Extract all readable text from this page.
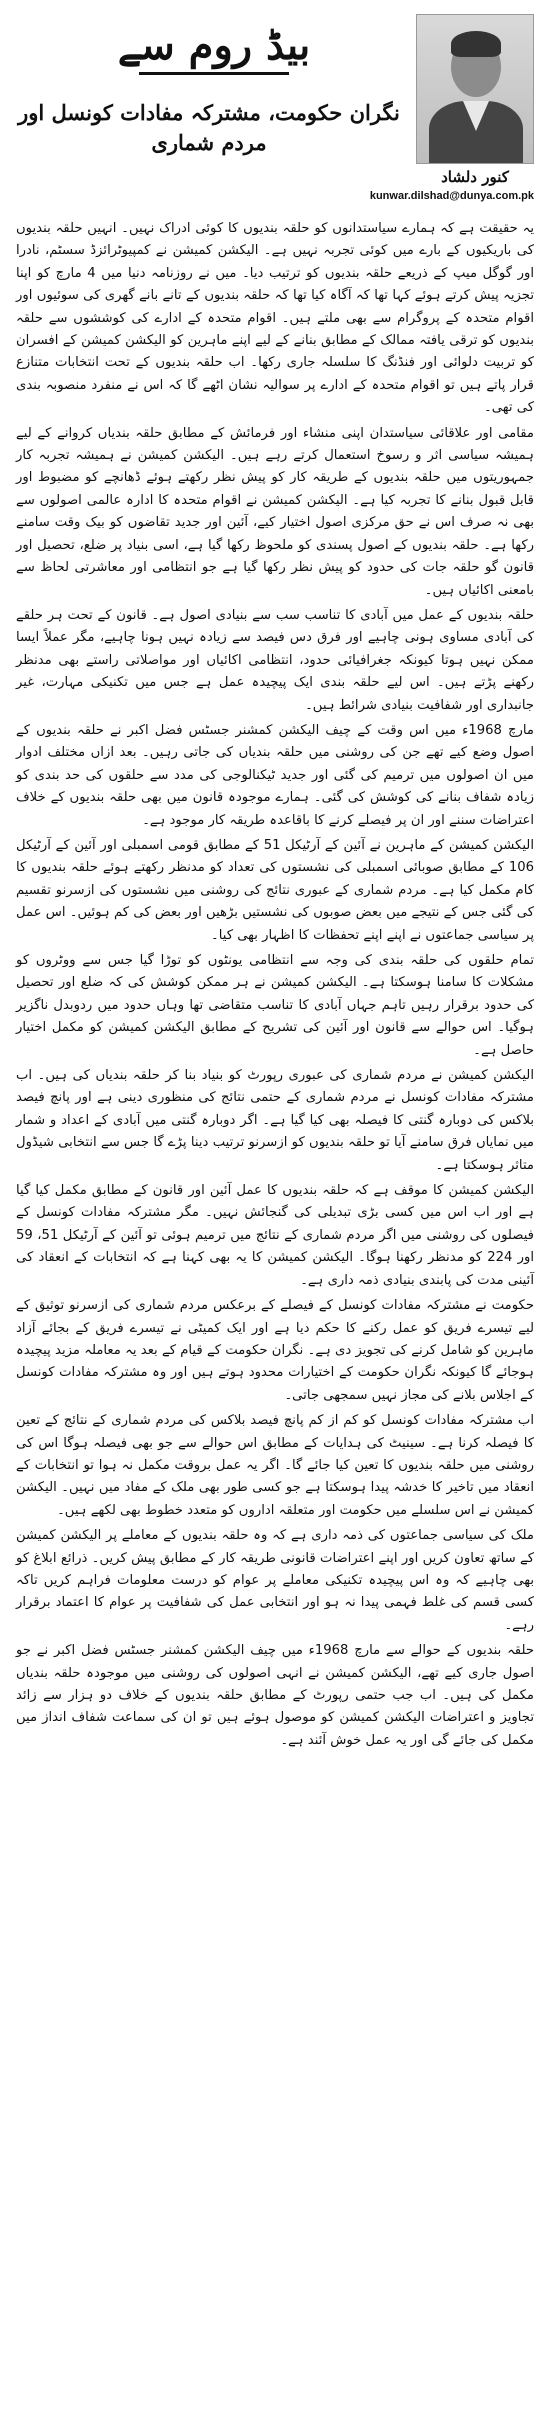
بیڈ روم سے
نگران حکومت، مشترکہ مفادات کونسل اور مردم شماری
کنور دلشاد
kunwar.dilshad@dunya.com.pk

یہ حقیقت ہے کہ ہمارے سیاستدانوں کو حلقہ بندیوں کا کوئی ادراک نہیں۔ انہیں حلقہ بندیوں کی باریکیوں کے بارے میں کوئی تجربہ نہیں ہے۔ الیکشن کمیشن نے کمپیوٹرائزڈ سسٹم، نادرا اور گوگل میپ کے ذریعے حلقہ بندیوں کو ترتیب دیا۔ میں نے روزنامہ دنیا میں 4 مارچ کو اپنا تجزیہ پیش کرتے ہوئے کہا تھا کہ آگاہ کیا تھا کہ حلقہ بندیوں کے تانے بانے گھری کی سوئیوں اور اقوام متحدہ کے پروگرام سے بھی ملتے ہیں۔ اقوام متحدہ کے ادارے کی کوششوں سے حلقہ بندیوں کو ترقی یافتہ ممالک کے مطابق بنانے کے لیے اپنے ماہرین کو الیکشن کمیشن کے افسران کو تربیت دلوائی اور فنڈنگ کا سلسلہ جاری رکھا۔ اب حلقہ بندیوں کے تحت انتخابات متنازع قرار پاتے ہیں تو اقوام متحدہ کے ادارے پر سوالیہ نشان اٹھے گا کہ اس نے منفرد منصوبہ بندی کی تھی۔

مقامی اور علاقائی سیاستدان اپنی منشاء اور فرمائش کے مطابق حلقہ بندیاں کروانے کے لیے ہمیشہ سیاسی اثر و رسوخ استعمال کرتے رہے ہیں۔ الیکشن کمیشن نے ہمیشہ تجربہ کار جمہوریتوں میں حلقہ بندیوں کے طریقہ کار کو پیش نظر رکھتے ہوئے ڈھانچے کو مضبوط اور قابل قبول بنانے کا تجربہ کیا ہے۔ الیکشن کمیشن نے اقوام متحدہ کا ادارہ عالمی اصولوں سے بھی نہ صرف اس نے حق مرکزی اصول اختیار کیے، آئین اور جدید تقاضوں کو بیک وقت سامنے رکھا ہے۔ حلقہ بندیوں کے اصول پسندی کو ملحوظ رکھا گیا ہے، اسی بنیاد پر ضلع، تحصیل اور قانون گو حلقہ جات کی حدود کو پیش نظر رکھا گیا ہے جو انتظامی اور معاشرتی لحاظ سے بامعنی اکائیاں ہیں۔

حلقہ بندیوں کے عمل میں آبادی کا تناسب سب سے بنیادی اصول ہے۔ قانون کے تحت ہر حلقے کی آبادی مساوی ہونی چاہیے اور فرق دس فیصد سے زیادہ نہیں ہونا چاہیے، مگر عملاً ایسا ممکن نہیں ہوتا کیونکہ جغرافیائی حدود، انتظامی اکائیاں اور مواصلاتی راستے بھی مدنظر رکھنے پڑتے ہیں۔ اس لیے حلقہ بندی ایک پیچیدہ عمل ہے جس میں تکنیکی مہارت، غیر جانبداری اور شفافیت بنیادی شرائط ہیں۔

مارچ 1968ء میں اس وقت کے چیف الیکشن کمشنر جسٹس فضل اکبر نے حلقہ بندیوں کے اصول وضع کیے تھے جن کی روشنی میں حلقہ بندیاں کی جاتی رہیں۔ بعد ازاں مختلف ادوار میں ان اصولوں میں ترمیم کی گئی اور جدید ٹیکنالوجی کی مدد سے حلقوں کی حد بندی کو زیادہ شفاف بنانے کی کوشش کی گئی۔ ہمارے موجودہ قانون میں بھی حلقہ بندیوں کے خلاف اعتراضات سننے اور ان پر فیصلے کرنے کا باقاعدہ طریقہ کار موجود ہے۔

الیکشن کمیشن کے ماہرین نے آئین کے آرٹیکل 51 کے مطابق قومی اسمبلی اور آئین کے آرٹیکل 106 کے مطابق صوبائی اسمبلی کی نشستوں کی تعداد کو مدنظر رکھتے ہوئے حلقہ بندیوں کا کام مکمل کیا ہے۔ مردم شماری کے عبوری نتائج کی روشنی میں نشستوں کی ازسرنو تقسیم کی گئی جس کے نتیجے میں بعض صوبوں کی نشستیں بڑھیں اور بعض کی کم ہوئیں۔ اس عمل پر سیاسی جماعتوں نے اپنے اپنے تحفظات کا اظہار بھی کیا۔

تمام حلقوں کی حلقہ بندی کی وجہ سے انتظامی یونٹوں کو توڑا گیا جس سے ووٹروں کو مشکلات کا سامنا ہوسکتا ہے۔ الیکشن کمیشن نے ہر ممکن کوشش کی کہ ضلع اور تحصیل کی حدود برقرار رہیں تاہم جہاں آبادی کا تناسب متقاضی تھا وہاں حدود میں ردوبدل ناگزیر ہوگیا۔ اس حوالے سے قانون اور آئین کی تشریح کے مطابق الیکشن کمیشن کو مکمل اختیار حاصل ہے۔

الیکشن کمیشن نے مردم شماری کی عبوری رپورٹ کو بنیاد بنا کر حلقہ بندیاں کی ہیں۔ اب مشترکہ مفادات کونسل نے مردم شماری کے حتمی نتائج کی منظوری دینی ہے اور پانچ فیصد بلاکس کی دوبارہ گنتی کا فیصلہ بھی کیا گیا ہے۔ اگر دوبارہ گنتی میں آبادی کے اعداد و شمار میں نمایاں فرق سامنے آیا تو حلقہ بندیوں کو ازسرنو ترتیب دینا پڑے گا جس سے انتخابی شیڈول متاثر ہوسکتا ہے۔

الیکشن کمیشن کا موقف ہے کہ حلقہ بندیوں کا عمل آئین اور قانون کے مطابق مکمل کیا گیا ہے اور اب اس میں کسی بڑی تبدیلی کی گنجائش نہیں۔ مگر مشترکہ مفادات کونسل کے فیصلوں کی روشنی میں اگر مردم شماری کے نتائج میں ترمیم ہوئی تو آئین کے آرٹیکل 51، 59 اور 224 کو مدنظر رکھنا ہوگا۔ الیکشن کمیشن کا یہ بھی کہنا ہے کہ انتخابات کے انعقاد کی آئینی مدت کی پابندی بنیادی ذمہ داری ہے۔

حکومت نے مشترکہ مفادات کونسل کے فیصلے کے برعکس مردم شماری کی ازسرنو توثیق کے لیے تیسرے فریق کو عمل رکنے کا حکم دیا ہے اور ایک کمیٹی نے تیسرے فریق کے بجائے آزاد ماہرین کو شامل کرنے کی تجویز دی ہے۔ نگران حکومت کے قیام کے بعد یہ معاملہ مزید پیچیدہ ہوجائے گا کیونکہ نگران حکومت کے اختیارات محدود ہوتے ہیں اور وہ مشترکہ مفادات کونسل کے اجلاس بلانے کی مجاز نہیں سمجھی جاتی۔

اب مشترکہ مفادات کونسل کو کم از کم پانچ فیصد بلاکس کی مردم شماری کے نتائج کے تعین کا فیصلہ کرنا ہے۔ سینیٹ کی ہدایات کے مطابق اس حوالے سے جو بھی فیصلہ ہوگا اس کی روشنی میں حلقہ بندیوں کا تعین کیا جائے گا۔ اگر یہ عمل بروقت مکمل نہ ہوا تو انتخابات کے انعقاد میں تاخیر کا خدشہ پیدا ہوسکتا ہے جو کسی طور بھی ملک کے مفاد میں نہیں۔ الیکشن کمیشن نے اس سلسلے میں حکومت اور متعلقہ اداروں کو متعدد خطوط بھی لکھے ہیں۔

ملک کی سیاسی جماعتوں کی ذمہ داری ہے کہ وہ حلقہ بندیوں کے معاملے پر الیکشن کمیشن کے ساتھ تعاون کریں اور اپنے اعتراضات قانونی طریقہ کار کے مطابق پیش کریں۔ ذرائع ابلاغ کو بھی چاہیے کہ وہ اس پیچیدہ تکنیکی معاملے پر عوام کو درست معلومات فراہم کریں تاکہ کسی قسم کی غلط فہمی پیدا نہ ہو اور انتخابی عمل کی شفافیت پر عوام کا اعتماد برقرار رہے۔

حلقہ بندیوں کے حوالے سے مارچ 1968ء میں چیف الیکشن کمشنر جسٹس فضل اکبر نے جو اصول جاری کیے تھے، الیکشن کمیشن نے انہی اصولوں کی روشنی میں موجودہ حلقہ بندیاں مکمل کی ہیں۔ اب جب حتمی رپورٹ کے مطابق حلقہ بندیوں کے خلاف دو ہزار سے زائد تجاویز و اعتراضات الیکشن کمیشن کو موصول ہوئے ہیں تو ان کی سماعت شفاف انداز میں مکمل کی جائے گی اور یہ عمل خوش آئند ہے۔
